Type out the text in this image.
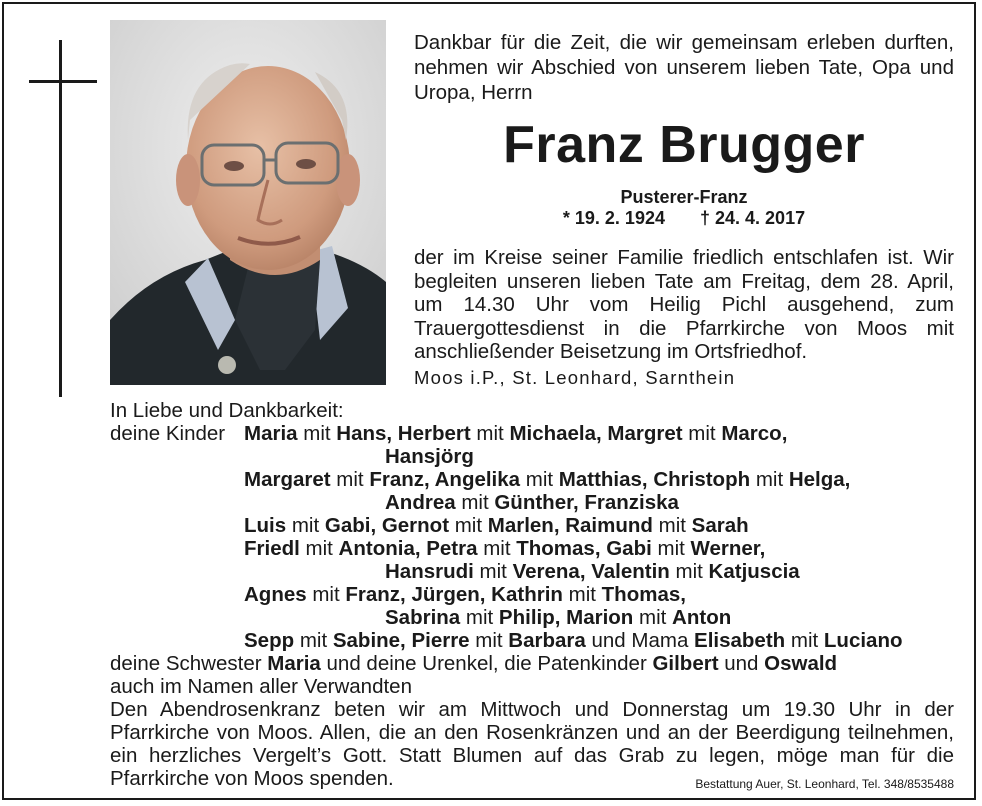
Dankbar für die Zeit, die wir gemeinsam erleben durften, nehmen wir Abschied von unserem lieben Tate, Opa und Uropa, Herrn
Franz Brugger
Pusterer-Franz
* 19. 2. 1924 † 24. 4. 2017
der im Kreise seiner Familie friedlich entschlafen ist. Wir begleiten unseren lieben Tate am Freitag, dem 28. April, um 14.30 Uhr vom Heilig Pichl ausgehend, zum Trauergottesdienst in die Pfarrkirche von Moos mit anschließender Beisetzung im Ortsfriedhof.
Moos i.P., St. Leonhard, Sarnthein
In Liebe und Dankbarkeit:
deine Kinder Maria mit Hans, Herbert mit Michaela, Margret mit Marco,
Hansjörg
Margaret mit Franz, Angelika mit Matthias, Christoph mit Helga,
Andrea mit Günther, Franziska
Luis mit Gabi, Gernot mit Marlen, Raimund mit Sarah
Friedl mit Antonia, Petra mit Thomas, Gabi mit Werner,
Hansrudi mit Verena, Valentin mit Katjuscia
Agnes mit Franz, Jürgen, Kathrin mit Thomas,
Sabrina mit Philip, Marion mit Anton
Sepp mit Sabine, Pierre mit Barbara und Mama Elisabeth mit Luciano
deine Schwester Maria und deine Urenkel, die Patenkinder Gilbert und Oswald
auch im Namen aller Verwandten
Den Abendrosenkranz beten wir am Mittwoch und Donnerstag um 19.30 Uhr in der Pfarrkirche von Moos. Allen, die an den Rosenkränzen und an der Beerdigung teilnehmen, ein herzliches Vergelt’s Gott. Statt Blumen auf das Grab zu legen, möge man für die Pfarrkirche von Moos spenden.	Bestattung Auer, St. Leonhard, Tel. 348/8535488
